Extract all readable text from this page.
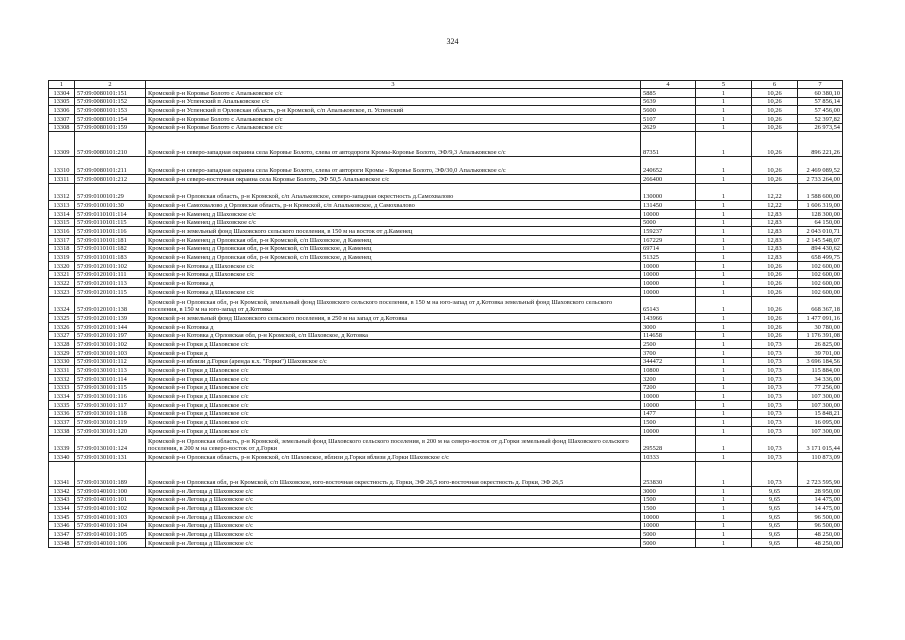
324
1	2	3	4	5	6	7
13304	57:09:0080101:151	Кромской р-н Коровье Болото с Апальковское с/с	5885	1	10,26	60 380,10
13305	57:09:0080101:152	Кромской р-н Успенский п Апальковское с/с	5639	1	10,26	57 856,14
13306	57:09:0080101:153	Кромской р-н Успенский п Орловская область, р-н Кромской, с/п Апальковское, п. Успенский	5600	1	10,26	57 456,00
13307	57:09:0080101:154	Кромской р-н Коровье Болото с Апальковское с/с	5107	1	10,26	52 397,82
13308	57:09:0080101:159	Кромской р-н Коровье Болото с Апальковское с/с	2629	1	10,26	26 973,54
13309	57:09:0080101:210	Кромской р-н северо-западная окраина села Коровье Болото, слева от автодороги Кромы-Коровье Болото, ЭФ/9,3 Апальковское с/с	87351	1	10,26	896 221,26
13310	57:09:0080101:211	Кромской р-н северо-западная окраина села Коровье Болото, слева от автороги Кромы - Коровье Болото, ЭФ/30,0 Апальковское с/с	240652	1	10,26	2 469 089,52
13311	57:09:0080101:212	Кромской р-н северо-восточная окраина села Коровье Болото, ЭФ 50,5 Апальковское с/с	266400	1	10,26	2 733 264,00
13312	57:09:0100101:29	Кромской р-н Орловская область, р-н Кромской, с/п Апальковское, северо-западная окрестность д.Самохвалово	130000	1	12,22	1 588 600,00
13313	57:09:0100101:30	Кромской р-н Самохвалово д Орловская область, р-н Кромской, с/п Апальковское, д Самохвалово	131450	1	12,22	1 606 319,00
13314	57:09:0110101:114	Кромской р-н Каменец д Шаховское с/с	10000	1	12,83	128 300,00
13315	57:09:0110101:115	Кромской р-н Каменец д Шаховское с/с	5000	1	12,83	64 150,00
13316	57:09:0110101:116	Кромской р-н земельный фонд Шаховского сельского поселения, в 150 м на восток от д.Каменец	159237	1	12,83	2 043 010,71
13317	57:09:0110101:181	Кромской р-н Каменец д Орловская обл, р-н Кромской, с/п Шаховское, д Каменец	167229	1	12,83	2 145 548,07
13318	57:09:0110101:182	Кромской р-н Каменец д Орловская обл, р-н Кромской, с/п Шаховское, д Каменец	69714	1	12,83	894 430,62
13319	57:09:0110101:183	Кромской р-н Каменец д Орловская обл, р-н Кромской, с/п Шаховское, д Каменец	51325	1	12,83	658 499,75
13320	57:09:0120101:102	Кромской р-н Котовка д Шаховское с/с	10000	1	10,26	102 600,00
13321	57:09:0120101:111	Кромской р-н Котовка д Шаховское с/с	10000	1	10,26	102 600,00
13322	57:09:0120101:113	Кромской р-н Котовка д	10000	1	10,26	102 600,00
13323	57:09:0120101:115	Кромской р-н Котовка д Шаховское с/с	10000	1	10,26	102 600,00
13324	57:09:0120101:138	Кромской р-н Орловская обл, р-н Кромской, земельный фонд Шаховского сельского поселения, в 150 м на юго-запад от д.Котовка земельный фонд Шаховского сельского поселения, в 150 м на юго-запад от д.Котовка	65143	1	10,26	668 367,18
13325	57:09:0120101:139	Кромской р-н земельный фонд Шаховского сельского поселения, в 250 м на запад от д.Котовка	143966	1	10,26	1 477 091,16
13326	57:09:0120101:144	Кромской р-н Котовка д	3000	1	10,26	30 780,00
13327	57:09:0120101:197	Кромской р-н Котовка д Орловская обл, р-н Кромской, с/п Шаховское, д Котовка	114658	1	10,26	1 176 391,08
13328	57:09:0130101:102	Кромской р-н Горки д Шаховское с/с	2500	1	10,73	26 825,00
13329	57:09:0130101:103	Кромской р-н Горки д	3700	1	10,73	39 701,00
13330	57:09:0130101:112	Кромской р-н вблизи д.Горки (аренда к.х. "Горки") Шаховское с/с	344472	1	10,73	3 696 184,56
13331	57:09:0130101:113	Кромской р-н Горки д Шаховское с/с	10800	1	10,73	115 884,00
13332	57:09:0130101:114	Кромской р-н Горки д Шаховское с/с	3200	1	10,73	34 336,00
13333	57:09:0130101:115	Кромской р-н Горки д Шаховское с/с	7200	1	10,73	77 256,00
13334	57:09:0130101:116	Кромской р-н Горки д Шаховское с/с	10000	1	10,73	107 300,00
13335	57:09:0130101:117	Кромской р-н Горки д Шаховское с/с	10000	1	10,73	107 300,00
13336	57:09:0130101:118	Кромской р-н Горки д Шаховское с/с	1477	1	10,73	15 848,21
13337	57:09:0130101:119	Кромской р-н Горки д Шаховское с/с	1500	1	10,73	16 095,00
13338	57:09:0130101:120	Кромской р-н Горки д Шаховское с/с	10000	1	10,73	107 300,00
13339	57:09:0130101:124	Кромской р-н Орловская область, р-н Кромской, земельный фонд Шаховского сельского поселения, в 200 м на северо-восток от д.Горки земельный фонд Шаховского сельского поселения, в 200 м на северо-восток от д.Горки	295528	1	10,73	3 171 015,44
13340	57:09:0130101:131	Кромской р-н Орловская область, р-н Кромской, с/п Шаховское, вблизи д.Горки вблизи д.Горки Шаховское с/с	10333	1	10,73	110 873,09
13341	57:09:0130101:189	Кромской р-н Орловская обл, р-н Кромской, с/п Шаховское, юго-восточная окрестность д. Горки, ЭФ 26,5 юго-восточная окрестность д. Горки, ЭФ 26,5	253830	1	10,73	2 723 595,90
13342	57:09:0140101:100	Кромской р-н Легоща д Шаховское с/с	3000	1	9,65	28 950,00
13343	57:09:0140101:101	Кромской р-н Легоща д Шаховское с/с	1500	1	9,65	14 475,00
13344	57:09:0140101:102	Кромской р-н Легоща д Шаховское с/с	1500	1	9,65	14 475,00
13345	57:09:0140101:103	Кромской р-н Легоща д Шаховское с/с	10000	1	9,65	96 500,00
13346	57:09:0140101:104	Кромской р-н Легоща д Шаховское с/с	10000	1	9,65	96 500,00
13347	57:09:0140101:105	Кромской р-н Легоща д Шаховское с/с	5000	1	9,65	48 250,00
13348	57:09:0140101:106	Кромской р-н Легоща д Шаховское с/с	5000	1	9,65	48 250,00
